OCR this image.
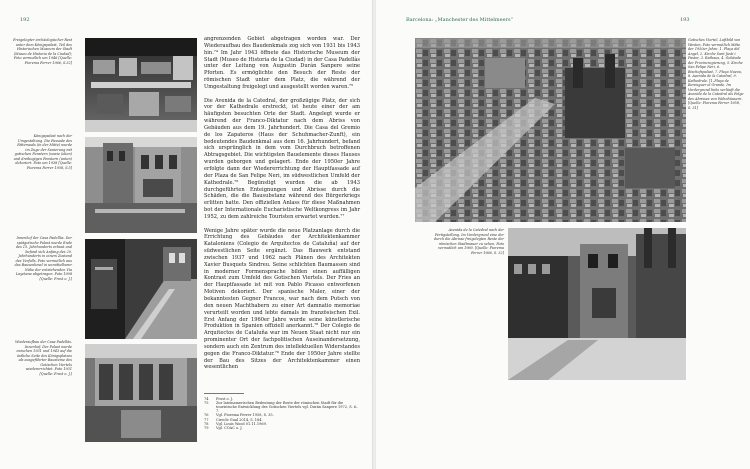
192
Freigelegter archäologischer Rest unter dem Königspalast, Teil des Historischen Museum der Stadt (Museo de Historia de la Ciudad); Foto vermutlich um 1946 [Quelle: Fiorema Ferrer 1966, S.32]
Königspalast nach der Umgestaltung. Die Fassade des Rittersaals (in der Mitte) wurde im Zuge der Sanierung mit gotischen Fenstern (sowie (oben) und dreibogigen Fenstern (unten) dekoriert. Foto um 1938 [Quelle: Fiorema Ferrer 1958, S.5]
Innenhof der Casa Padellàs. Der spätgotische Palast wurde Ende des 15. Jahrhunderts erbaut und befand sich Anfang des 20. Jahrhunderts in einem Zustand des Verfalls. Foto vermutlich aus das Bausenkmal in unmittelbarer Nähe der entstehenden Via Layetana abgetragen. Foto 1908 [Quelle: Frost o. J.]
Wiederaufbau der Casa Padellàs. Innenhof. Der Palast wurde zwischen 1931 und 1943 auf die östliche Seite des Königsplatzes als ausgeführter Bausteine des Gotischen Viertels wiedererrichtet. Foto 1931 [Quelle: Frost o. J.]

angrenzenden Gebiet abgetragen worden war. Der Wiederaufbau des Baudenkmals zog sich von 1931 bis 1943 hin.⁷⁴ Im Jahr 1943 öffnete das Historische Museum der Stadt (Museo de Historia de la Ciudad) in der Casa Padellàs unter der Leitung von Augustin Durán Sanpere seine Pforten. Es ermöglichte den Besuch der Reste der römischen Stadt unter dem Platz, die während der Umgestaltung freigelegt und ausgestellt worden waren.⁷⁵

Die Avenida de la Catedral, der großzügige Platz, der sich vor der Kathedrale erstreckt, ist heute einer der am häufigsten besuchten Orte der Stadt. Angelegt wurde er während der Franco-Diktatur nach dem Abriss von Gebäuden aus dem 19. Jahrhundert. Die Casa del Gremio de los Zapateros (Haus der Schuhmacher-Zunft), ein bedeutendes Baudenkmal aus dem 16. Jahrhundert, befand sich ursprünglich in dem vom Durchbruch betroffenen Abtragsgebiet. Die wichtigsten Bauelemente dieses Hauses wurden geborgen und gelagert. Ende der 1950er Jahre erfolgte dann der Wiedererrichtung der Hauptfassade auf der Plaza de San Felipe Neri, im südwestlichen Umfeld der Kathedrale.⁷⁶ Begünstigt wurden die ab 1943 durchgeführten Enteignungen und Abrisse durch die Schäden, die die Bausubstanz während des Bürgerkriegs erlitten hatte. Den offiziellen Anlass für diese Maßnahmen bot der Internationale Eucharistische Weltkongress im Jahr 1952, zu dem zahlreiche Touristen erwartet wurden.⁷⁷

Wenige Jahre später wurde die neue Platzanlage durch die Errichtung des Gebäudes der Architektenkammer Kataloniens (Colegio de Arquitectos de Cataluña) auf der südwestlichen Seite ergänzt. Das Bauwerk entstand zwischen 1937 und 1962 nach Plänen des Architekten Xavier Busquets Sindreu. Seine schlichten Baumassen sind in moderner Formensprache bilden einen auffälligen Kontrast zum Umfeld des Gotischen Viertels. Der Fries an der Hauptfassade ist mit von Pablo Picasso entworfenen Motiven dekoriert. Der spanische Maler, einer der bekanntesten Gegner Francos, war nach dem Putsch von den neuen Machthabern zu einer Art damnatio memoriae verurteilt worden und lebte damals im französischen Exil. Erst Anfang der 1960er Jahre wurde seine künstlerische Produktion in Spanien offiziell anerkannt.⁷⁸ Der Colegio de Arquitectos de Cataluña war im Neuen Staat nicht nur ein prominenter Ort der fachpolitischen Auseinandersetzung, sondern auch ein Zentrum des intellektuellen Widerstandes gegen die Franco-Diktatur.⁷⁹ Ende der 1950er Jahre stellte der Bau des Sitzes der Architektenkammer einen wesentlichen

74	Frost o. J.
75	Zur lateinamerischen Bedeutung der Reste der römischen Stadt für die touristische Entwicklung des Gotischen Viertels vgl. Durán Sanpere 1972, S. 6–7.
76	Vgl. Fiorema Ferrer 1958, S. 35.
77	Cirecle Gual 2014, S. 184.
78	Vgl. Louis Wood 01.11.1969.
79	Vgl. COAC o. J.
Barcelona: „Manchester des Mittelmeers“	193
Gotisches Viertel, Luftbild von Westen, Foto vermutlich Mitte der 1950er Jahre. 1. Plaça del Angel, 2. Kirche Sant Justi i Pastor, 3. Rathaus, 4. Gebäude der Provinzregierung, 5. Kirche San Felipe Neri, 6. Bischofspalast, 7. Plaça Nueva, 8. Avenida de la Catedral, 9. Kathedrale. [1–Plaça de Berenguer el Grande. Im Vordergrund links verläuft die Avenida de la Catedral als Folge des Abrisses von Wohnhäusern. [Quelle: Fiorema Ferrer 1958, S. 31]
Avenida de la Catedral nach der Fertigstellung. Im Vordergrund eine der durch die Abrisse freigelegten Reste der römischen Stadtmauer zu sehen. Foto vermutlich um 1960. [Quelle: Fiorema Ferrer 1966, S. 32]
